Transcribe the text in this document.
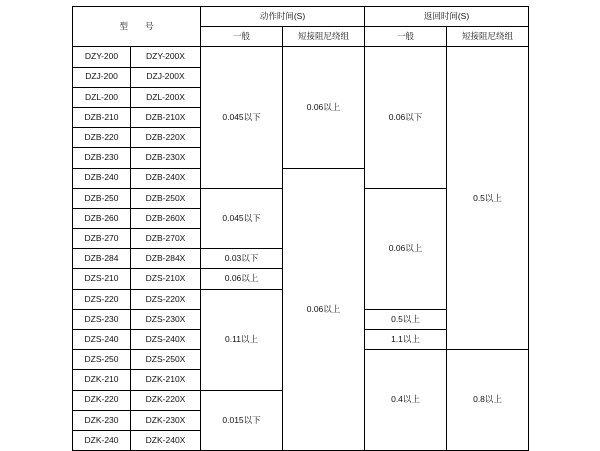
型　　号		动作时间(S)		返回时间(S)	
		一般	短接阻尼绕组	一般	短接阻尼绕组
DZY-200	DZY-200X	0.045以下	0.06以上	0.06以下	0.5以上
DZJ-200	DZJ-200X				
DZL-200	DZL-200X				
DZB-210	DZB-210X				
DZB-220	DZB-220X				
DZB-230	DZB-230X				
DZB-240	DZB-240X		0.06以上		
DZB-250	DZB-250X	0.045以下		0.06以上	
DZB-260	DZB-260X				
DZB-270	DZB-270X				
DZB-284	DZB-284X	0.03以下			
DZS-210	DZS-210X	0.06以上			
DZS-220	DZS-220X	0.11以上			
DZS-230	DZS-230X			0.5以上	
DZS-240	DZS-240X			1.1以上	
DZS-250	DZS-250X			0.4以上	0.8以上
DZK-210	DZK-210X				
DZK-220	DZK-220X	0.015以下			
DZK-230	DZK-230X				
DZK-240	DZK-240X				
